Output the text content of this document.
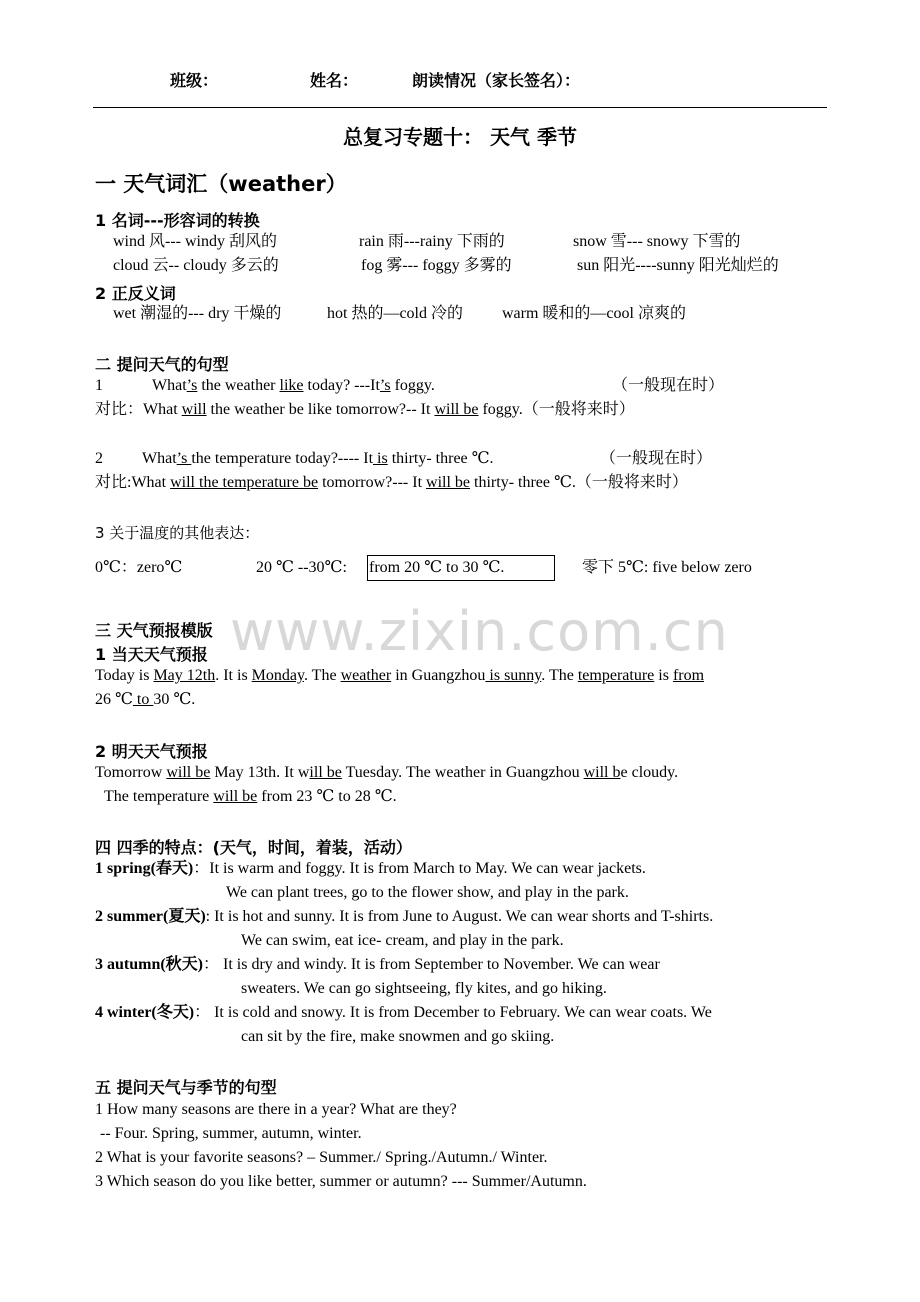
班级：	姓名：	朗读情况（家长签名）：
总复习专题十： 天气 季节
一 天气词汇（weather）
1 名词---形容词的转换
wind 风--- windy 刮风的	rain 雨---rainy 下雨的	snow 雪--- snowy 下雪的
cloud 云-- cloudy 多云的	fog 雾--- foggy 多雾的	sun 阳光----sunny 阳光灿烂的
2 正反义词
wet 潮湿的--- dry 干燥的	hot 热的—cold 冷的 warm 暖和的—cool 凉爽的
二 提问天气的句型
1	What’s the weather like today? ---It’s foggy.	（一般现在时）
对比：What will the weather be like tomorrow?-- It will be foggy.（一般将来时）
2 What’s the temperature today?---- It is thirty- three ℃.	（一般现在时）
对比:What will the temperature be tomorrow?--- It will be thirty- three ℃.（一般将来时）
3 关于温度的其他表达：
0℃：zero℃	20 ℃ --30℃: from 20 ℃ to 30 ℃.	零下 5℃: five below zero
www.zixin.com.cn
三 天气预报模版
1 当天天气预报
Today is May 12th. It is Monday. The weather in Guangzhou is sunny. The temperature is from
26 ℃ to 30 ℃.
2 明天天气预报
Tomorrow will be May 13th. It will be Tuesday. The weather in Guangzhou will be cloudy.
The temperature will be from 23 ℃ to 28 ℃.
四 四季的特点：(天气，时间，着装，活动）
1 spring(春天)：It is warm and foggy. It is from March to May. We can wear jackets.
We can plant trees, go to the flower show, and play in the park.
2 summer(夏天): It is hot and sunny. It is from June to August. We can wear shorts and T-shirts.
We can swim, eat ice- cream, and play in the park.
3 autumn(秋天)： It is dry and windy. It is from September to November. We can wear
sweaters. We can go sightseeing, fly kites, and go hiking.
4 winter(冬天)： It is cold and snowy. It is from December to February. We can wear coats. We
can sit by the fire, make snowmen and go skiing.
五 提问天气与季节的句型
1 How many seasons are there in a year? What are they?
-- Four. Spring, summer, autumn, winter.
2 What is your favorite seasons? – Summer./ Spring./Autumn./ Winter.
3 Which season do you like better, summer or autumn? --- Summer/Autumn.
